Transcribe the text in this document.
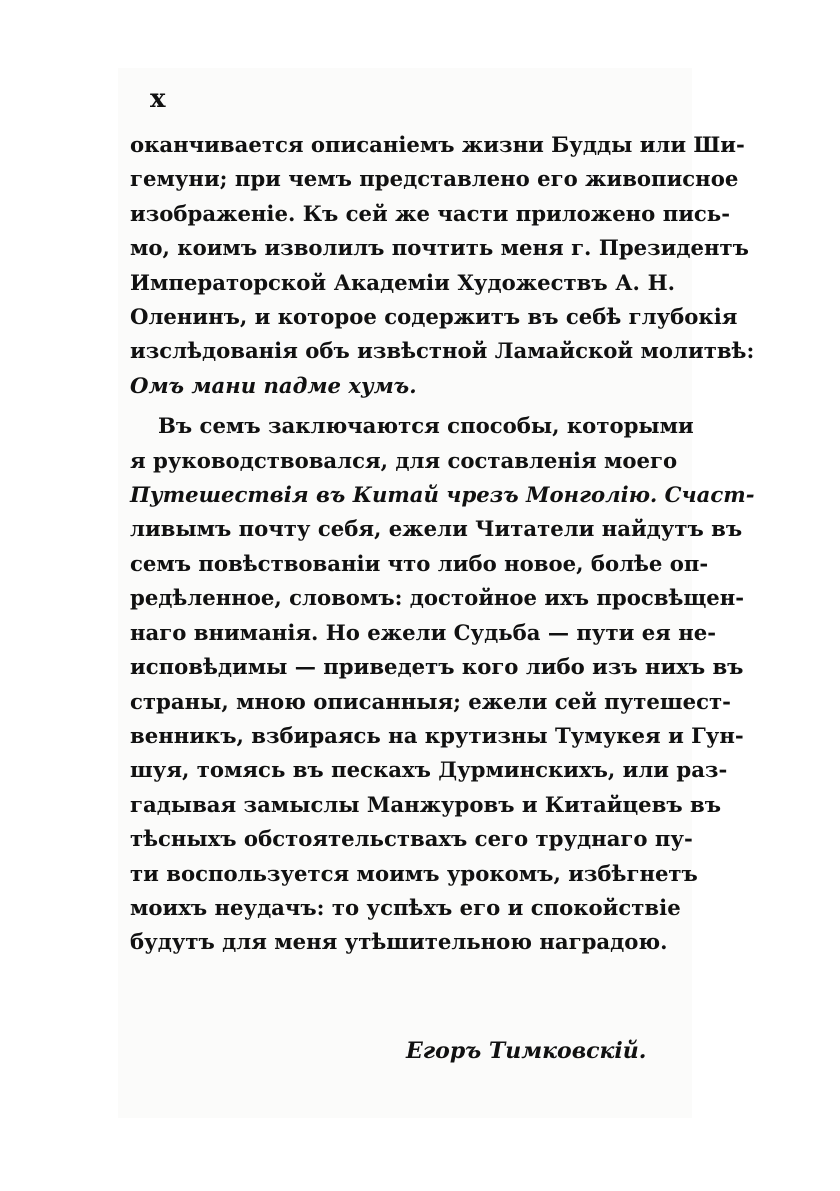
x
оканчивается описаніемъ жизни Будды или Ши-
гемуни; при чемъ представлено его живописное
изображеніе. Къ сей же части приложено пись-
мо, коимъ изволилъ почтить меня г. Президентъ
Императорской Академіи Художествъ А. Н.
Оленинъ, и которое содержитъ въ себѣ глубокія
изслѣдованія объ извѣстной Ламайской молитвѣ:
Омъ мани падме хумъ.
Въ семъ заключаются способы, которыми
я руководствовался, для составленія моего
Путешествія въ Китай чрезъ Монголію. Счаст-
ливымъ почту себя, ежели Читатели найдутъ въ
семъ повѣствованіи что либо новое, болѣе оп-
редѣленное, словомъ: достойное ихъ просвѣщен-
наго вниманія. Но ежели Судьба — пути ея не-
исповѣдимы — приведетъ кого либо изъ нихъ въ
страны, мною описанныя; ежели сей путешест-
венникъ, взбираясь на крутизны Тумукея и Гун-
шуя, томясь въ пескахъ Дурминскихъ, или раз-
гадывая замыслы Манжуровъ и Китайцевъ въ
тѣсныхъ обстоятельствахъ сего труднаго пу-
ти воспользуется моимъ урокомъ, избѣгнетъ
моихъ неудачъ: то успѣхъ его и спокойствіе
будутъ для меня утѣшительною наградою.
Егоръ Тимковскій.
